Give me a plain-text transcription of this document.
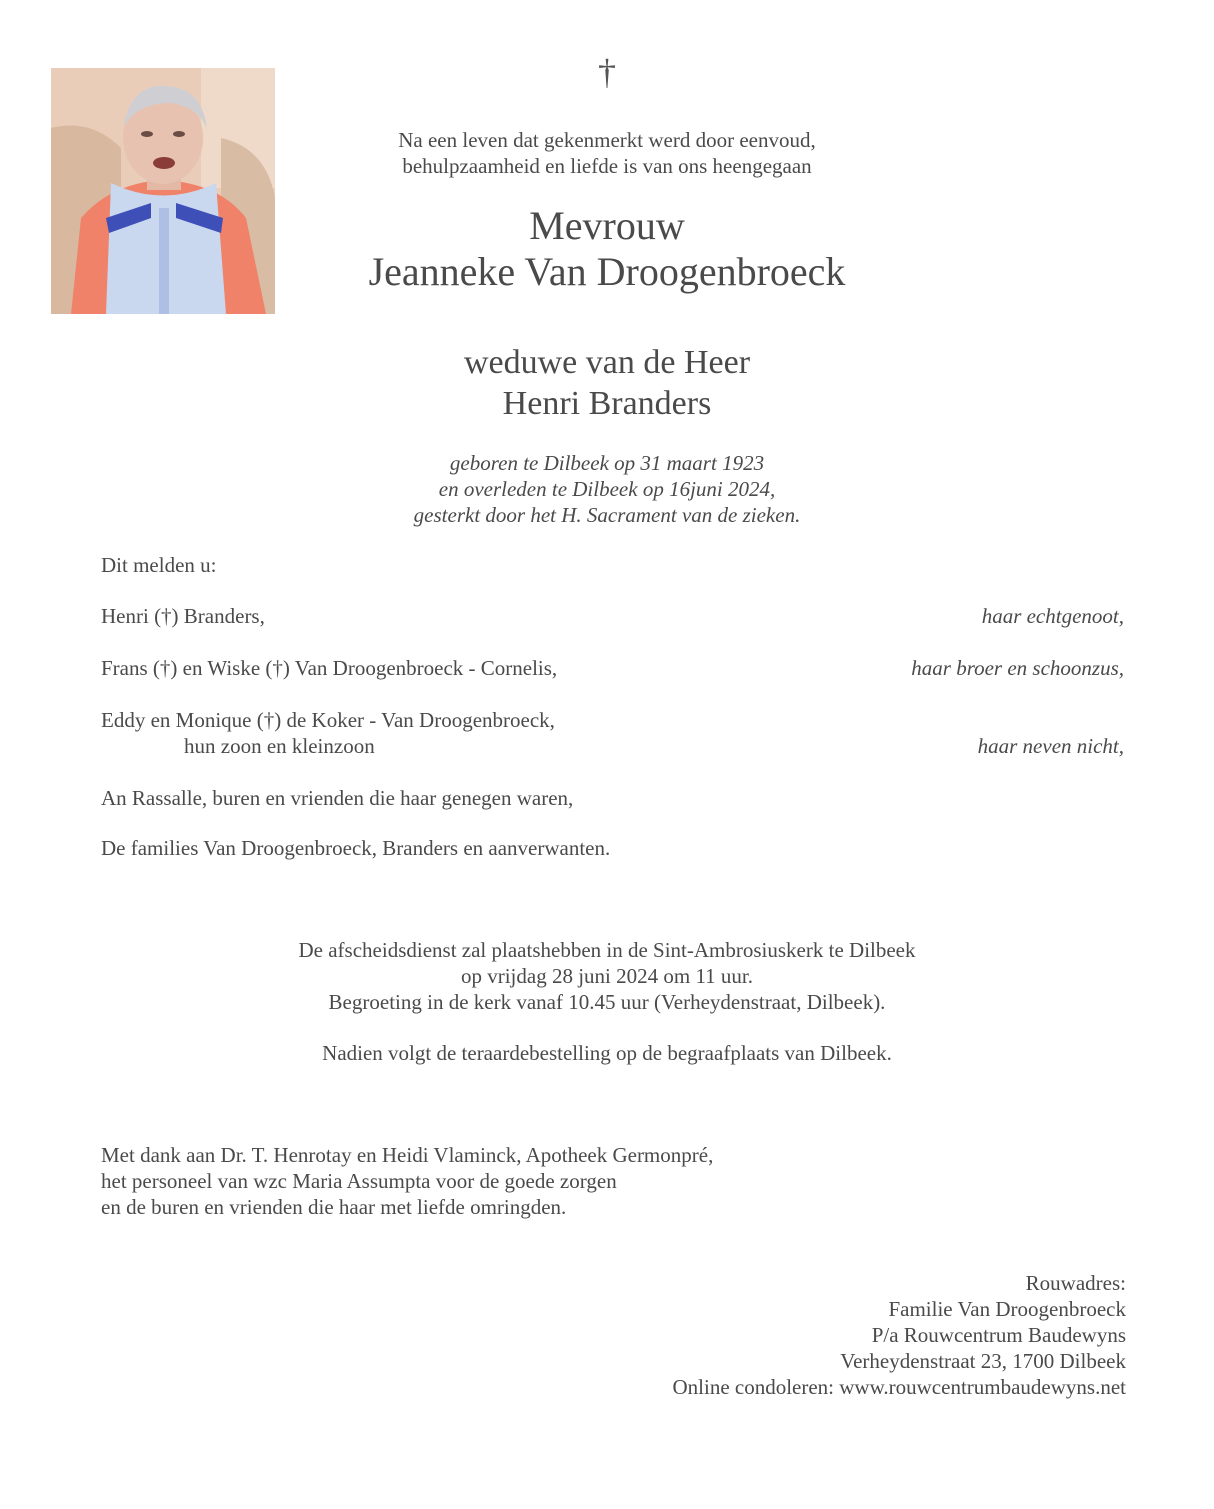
†
Na een leven dat gekenmerkt werd door eenvoud,
behulpzaamheid en liefde is van ons heengegaan
Mevrouw
Jeanneke Van Droogenbroeck
weduwe van de Heer
Henri Branders
geboren te Dilbeek op 31 maart 1923
en overleden te Dilbeek op 16juni 2024,
gesterkt door het H. Sacrament van de zieken.
Dit melden u:
Henri (†) Branders,	haar echtgenoot,
Frans (†) en Wiske (†) Van Droogenbroeck - Cornelis,	haar broer en schoonzus,
Eddy en Monique (†) de Koker - Van Droogenbroeck,
hun zoon en kleinzoon	haar neven nicht,
An Rassalle, buren en vrienden die haar genegen waren,
De families Van Droogenbroeck, Branders en aanverwanten.
De afscheidsdienst zal plaatshebben in de Sint-Ambrosiuskerk te Dilbeek
op vrijdag 28 juni 2024 om 11 uur.
Begroeting in de kerk vanaf 10.45 uur (Verheydenstraat, Dilbeek).
Nadien volgt de teraardebestelling op de begraafplaats van Dilbeek.
Met dank aan Dr. T. Henrotay en Heidi Vlaminck, Apotheek Germonpré,
het personeel van wzc Maria Assumpta voor de goede zorgen
en de buren en vrienden die haar met liefde omringden.
Rouwadres:
Familie Van Droogenbroeck
P/a Rouwcentrum Baudewyns
Verheydenstraat 23, 1700 Dilbeek
Online condoleren: www.rouwcentrumbaudewyns.net
